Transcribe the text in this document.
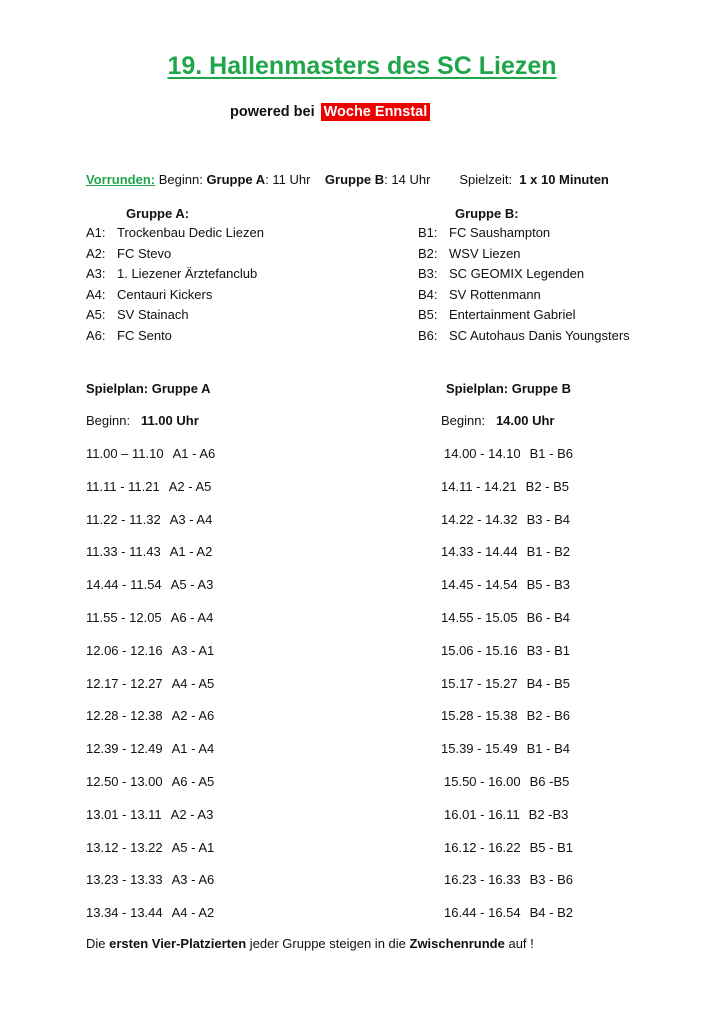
19. Hallenmasters des SC Liezen
powered bei Woche Ennstal
Vorrunden: Beginn: Gruppe A: 11 Uhr Gruppe B: 14 Uhr Spielzeit: 1 x 10 Minuten
Gruppe A:
A1: Trockenbau Dedic Liezen
A2: FC Stevo
A3: 1. Liezener Ärztefanclub
A4: Centauri Kickers
A5: SV Stainach
A6: FC Sento
Gruppe B:
B1: FC Saushampton
B2: WSV Liezen
B3: SC GEOMIX Legenden
B4: SV Rottenmann
B5: Entertainment Gabriel
B6: SC Autohaus Danis Youngsters
Spielplan: Gruppe A	Spielplan: Gruppe B
Beginn: 11.00 Uhr	Beginn: 14.00 Uhr
11.00 – 11.10 A1 - A6
11.11 - 11.21 A2 - A5
11.22 - 11.32 A3 - A4
11.33 - 11.43 A1 - A2
14.44 - 11.54 A5 - A3
11.55 - 12.05 A6 - A4
12.06 - 12.16 A3 - A1
12.17 - 12.27 A4 - A5
12.28 - 12.38 A2 - A6
12.39 - 12.49 A1 - A4
12.50 - 13.00 A6 - A5
13.01 - 13.11 A2 - A3
13.12 - 13.22 A5 - A1
13.23 - 13.33 A3 - A6
13.34 - 13.44 A4 - A2
14.00 - 14.10 B1 - B6
14.11 - 14.21 B2 - B5
14.22 - 14.32 B3 - B4
14.33 - 14.44 B1 - B2
14.45 - 14.54 B5 - B3
14.55 - 15.05 B6 - B4
15.06 - 15.16 B3 - B1
15.17 - 15.27 B4 - B5
15.28 - 15.38 B2 - B6
15.39 - 15.49 B1 - B4
15.50 - 16.00 B6 -B5
16.01 - 16.11 B2 -B3
16.12 - 16.22 B5 - B1
16.23 - 16.33 B3 - B6
16.44 - 16.54 B4 - B2
Die ersten Vier-Platzierten jeder Gruppe steigen in die Zwischenrunde auf !
